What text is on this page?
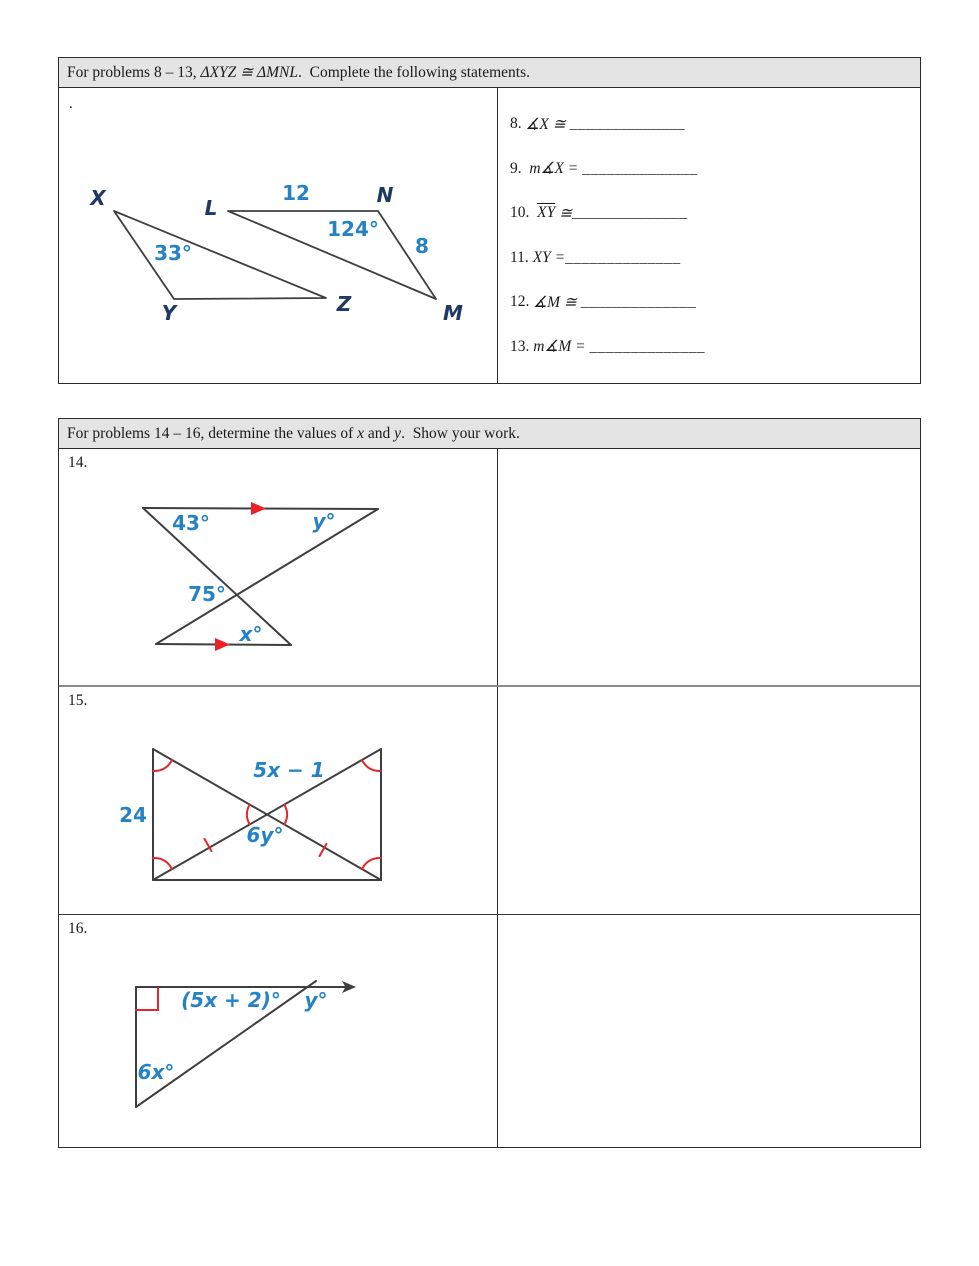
For problems 8 – 13, ΔXYZ ≅ ΔMNL .  Complete the following statements.
.
X
Y	Z
L
N
M
33°
12
124°
8
8. ∡X ≅ ______________
9. m∡X = ______________
10. $\overline{XY}$ ≅ ______________
11. XY = ______________
12. ∡M ≅ ______________
13. m∡M = ______________
For problems 14 – 16, determine the values of x and y .  Show your work.
14.
43°	y°
75°
x°
15.
24
5x − 1
6y°
16.
(5x + 2)° y°
6x°
